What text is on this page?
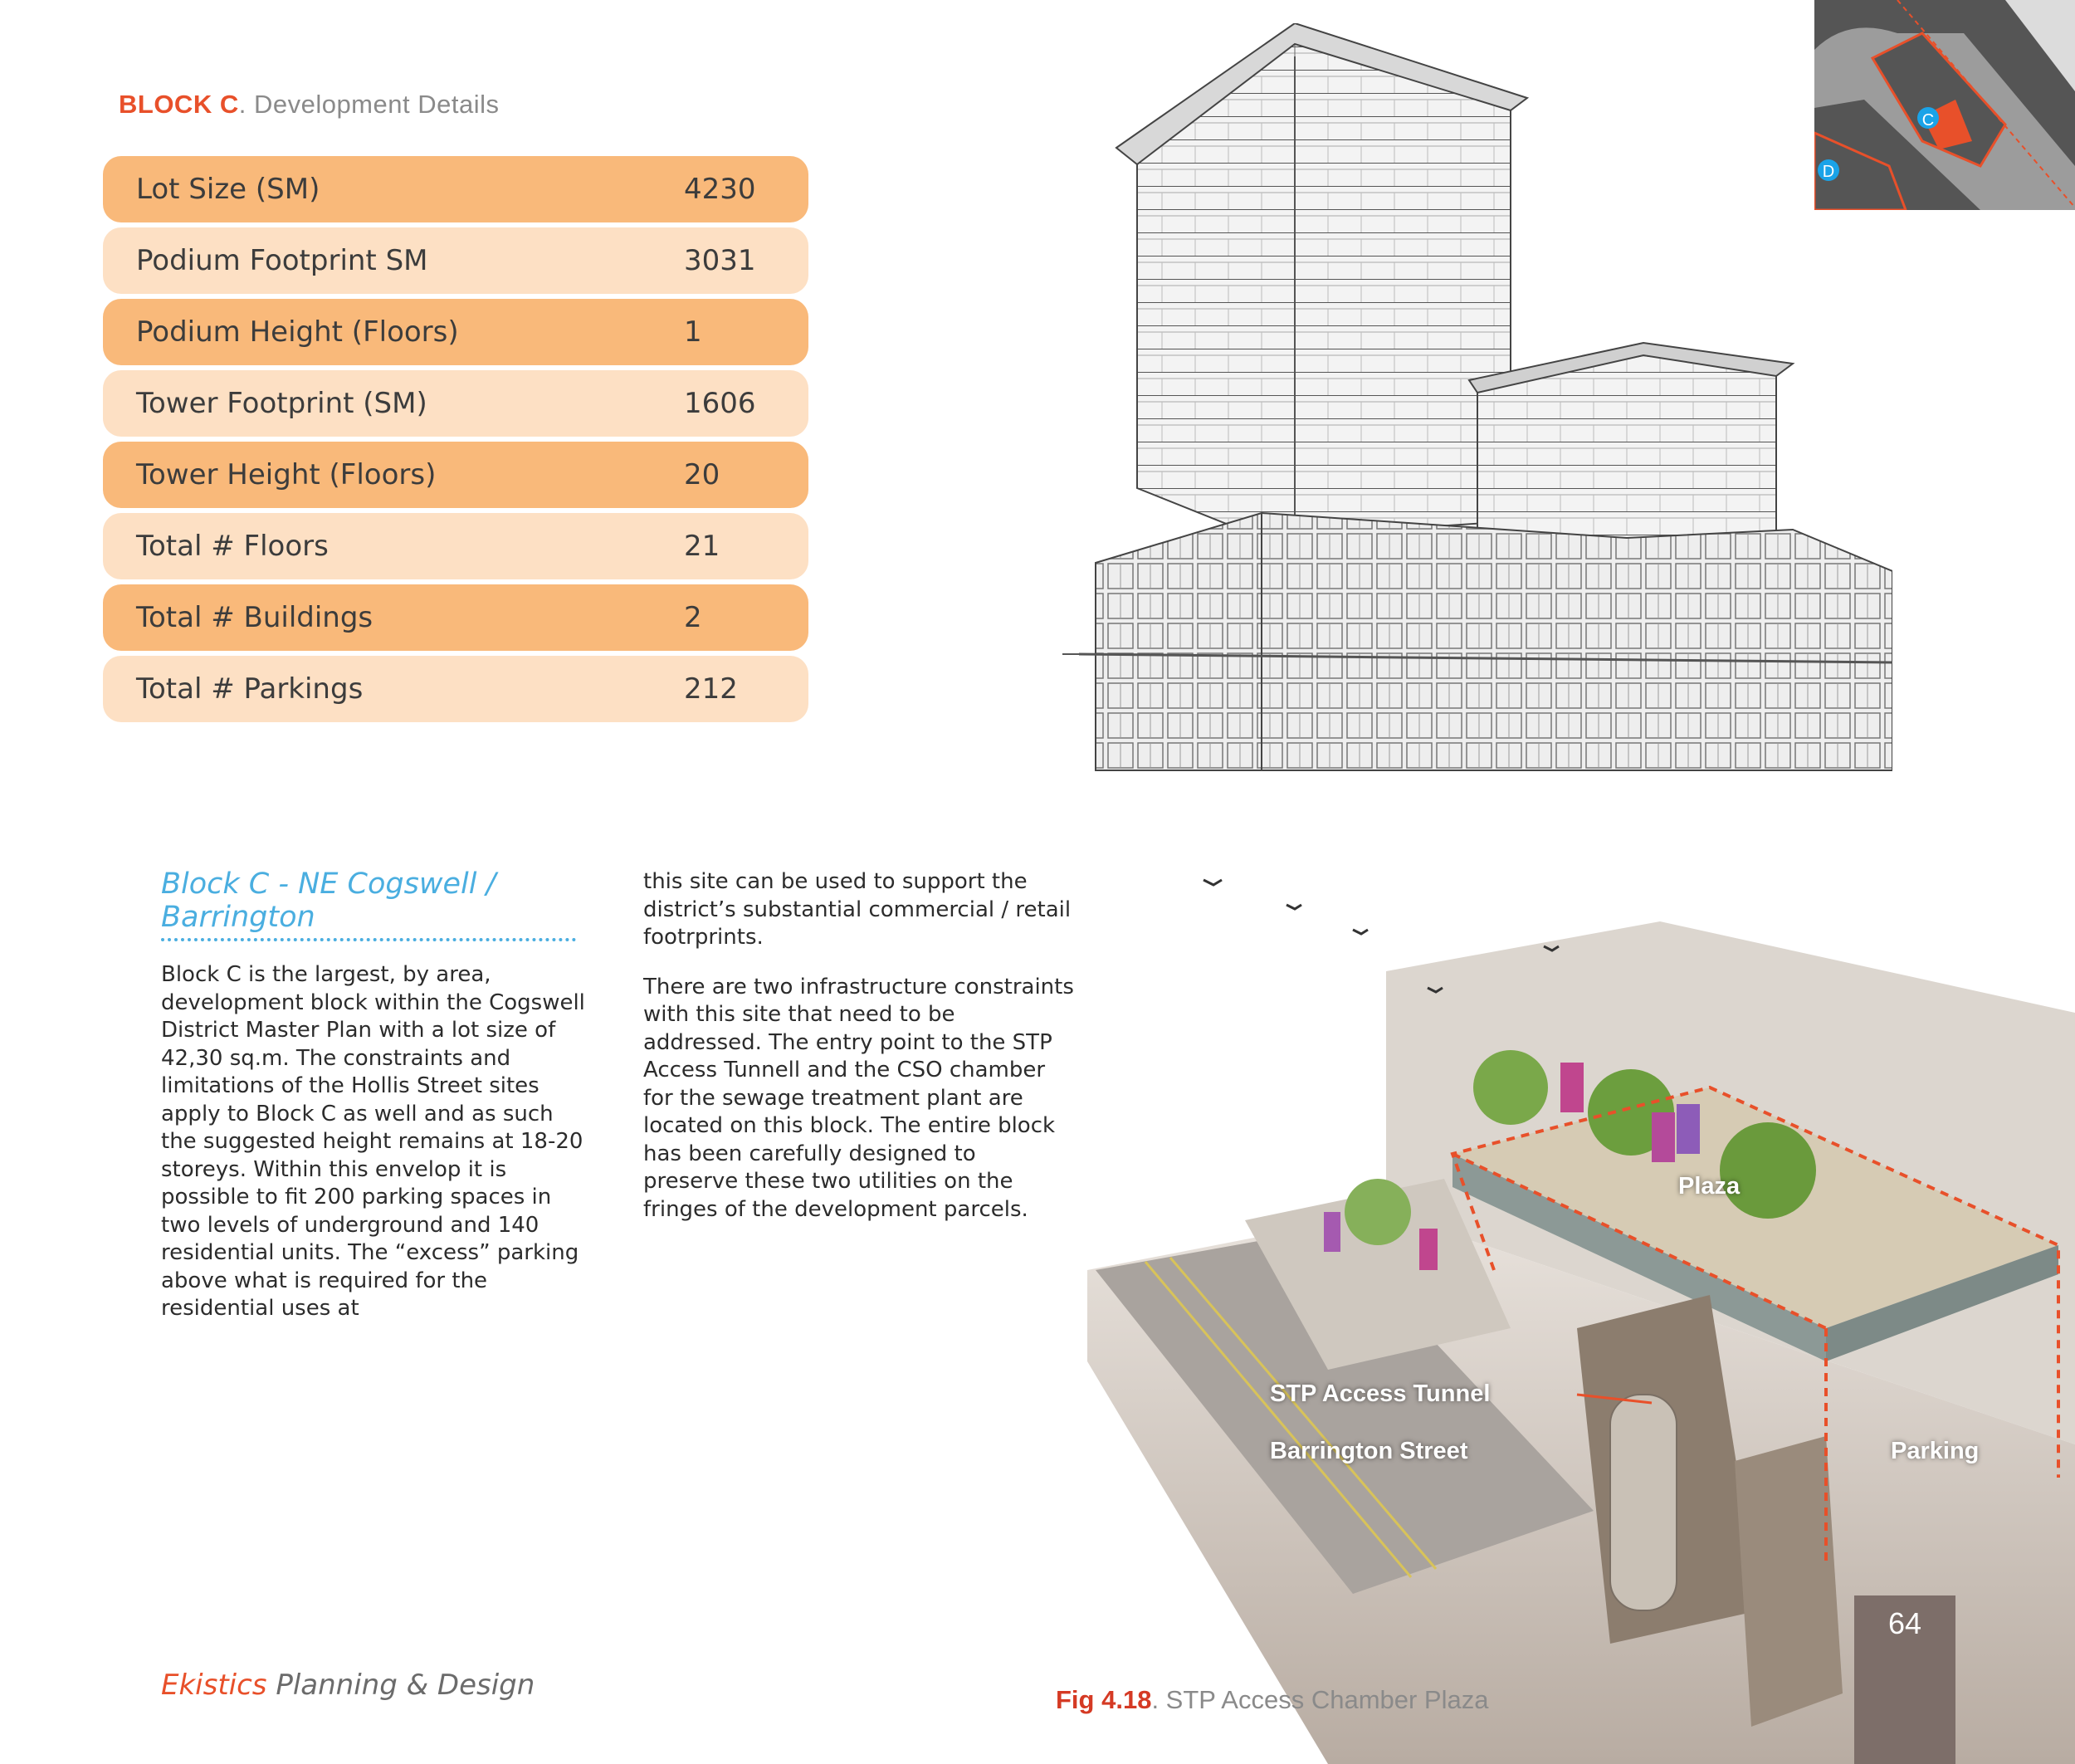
BLOCK C. Development Details
Lot Size (SM)	4230
Podium Footprint SM	3031
Podium Height (Floors)	1
Tower Footprint (SM)	1606
Tower Height (Floors)	20
Total # Floors	21
Total # Buildings	2
Total # Parkings	212
C
D
Block C - NE Cogswell / Barrington
Block C is the largest, by area, development block within the Cogswell District Master Plan with a lot size of 42,30 sq.m. The constraints and limitations of the Hollis Street sites apply to Block C as well and as such the suggested height remains at 18-20 storeys. Within this envelop it is possible to fit 200 parking spaces in two levels of underground and 140 residential units. The “excess” parking above what is required for the residential uses at

this site can be used to support the district’s substantial commercial / retail footrprints.

There are two infrastructure constraints with this site that need to be addressed. The entry point to the STP Access Tunnell and the CSO chamber for the sewage treatment plant are located on this block. The entire block has been carefully designed to preserve these two utilities on the fringes of the development parcels.

Plaza
STP Access Tunnel
Barrington Street	Parking
64
Fig 4.18. STP Access Chamber Plaza
Ekistics Planning & Design
